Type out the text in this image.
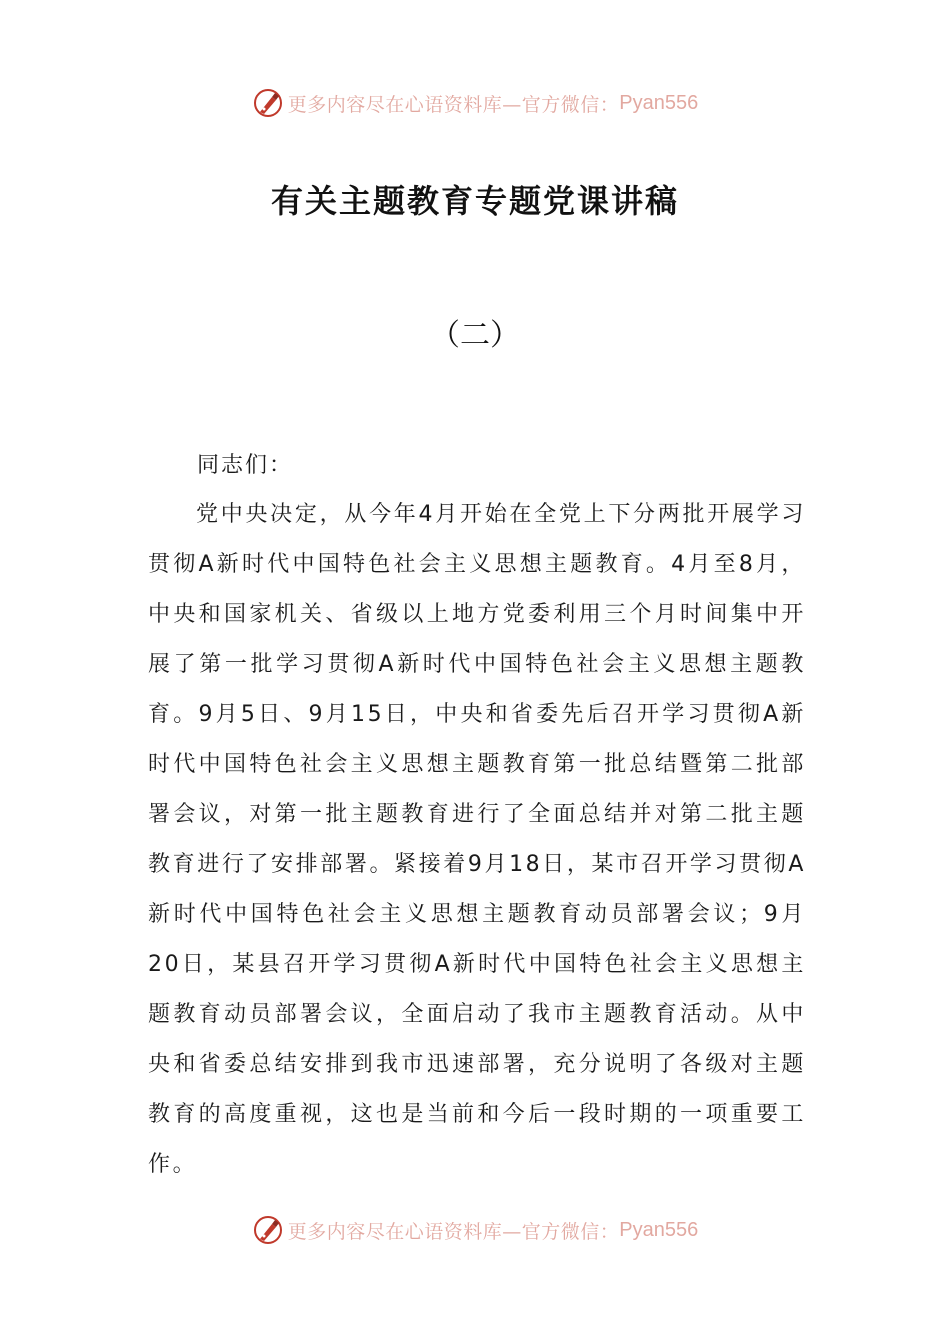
更多内容尽在心语资料库—官方微信： Pyan556
有关主题教育专题党课讲稿
（二）
同志们：

党中央决定，从今年4月开始在全党上下分两批开展学习贯彻A新时代中国特色社会主义思想主题教育。4月至8月，中央和国家机关、省级以上地方党委利用三个月时间集中开展了第一批学习贯彻A新时代中国特色社会主义思想主题教育。9月5日、9月15日，中央和省委先后召开学习贯彻A新时代中国特色社会主义思想主题教育第一批总结暨第二批部署会议，对第一批主题教育进行了全面总结并对第二批主题教育进行了安排部署。紧接着9月18日，某市召开学习贯彻A新时代中国特色社会主义思想主题教育动员部署会议；9月20日，某县召开学习贯彻A新时代中国特色社会主义思想主题教育动员部署会议，全面启动了我市主题教育活动。从中央和省委总结安排到我市迅速部署，充分说明了各级对主题教育的高度重视，这也是当前和今后一段时期的一项重要工作。

更多内容尽在心语资料库—官方微信： Pyan556
